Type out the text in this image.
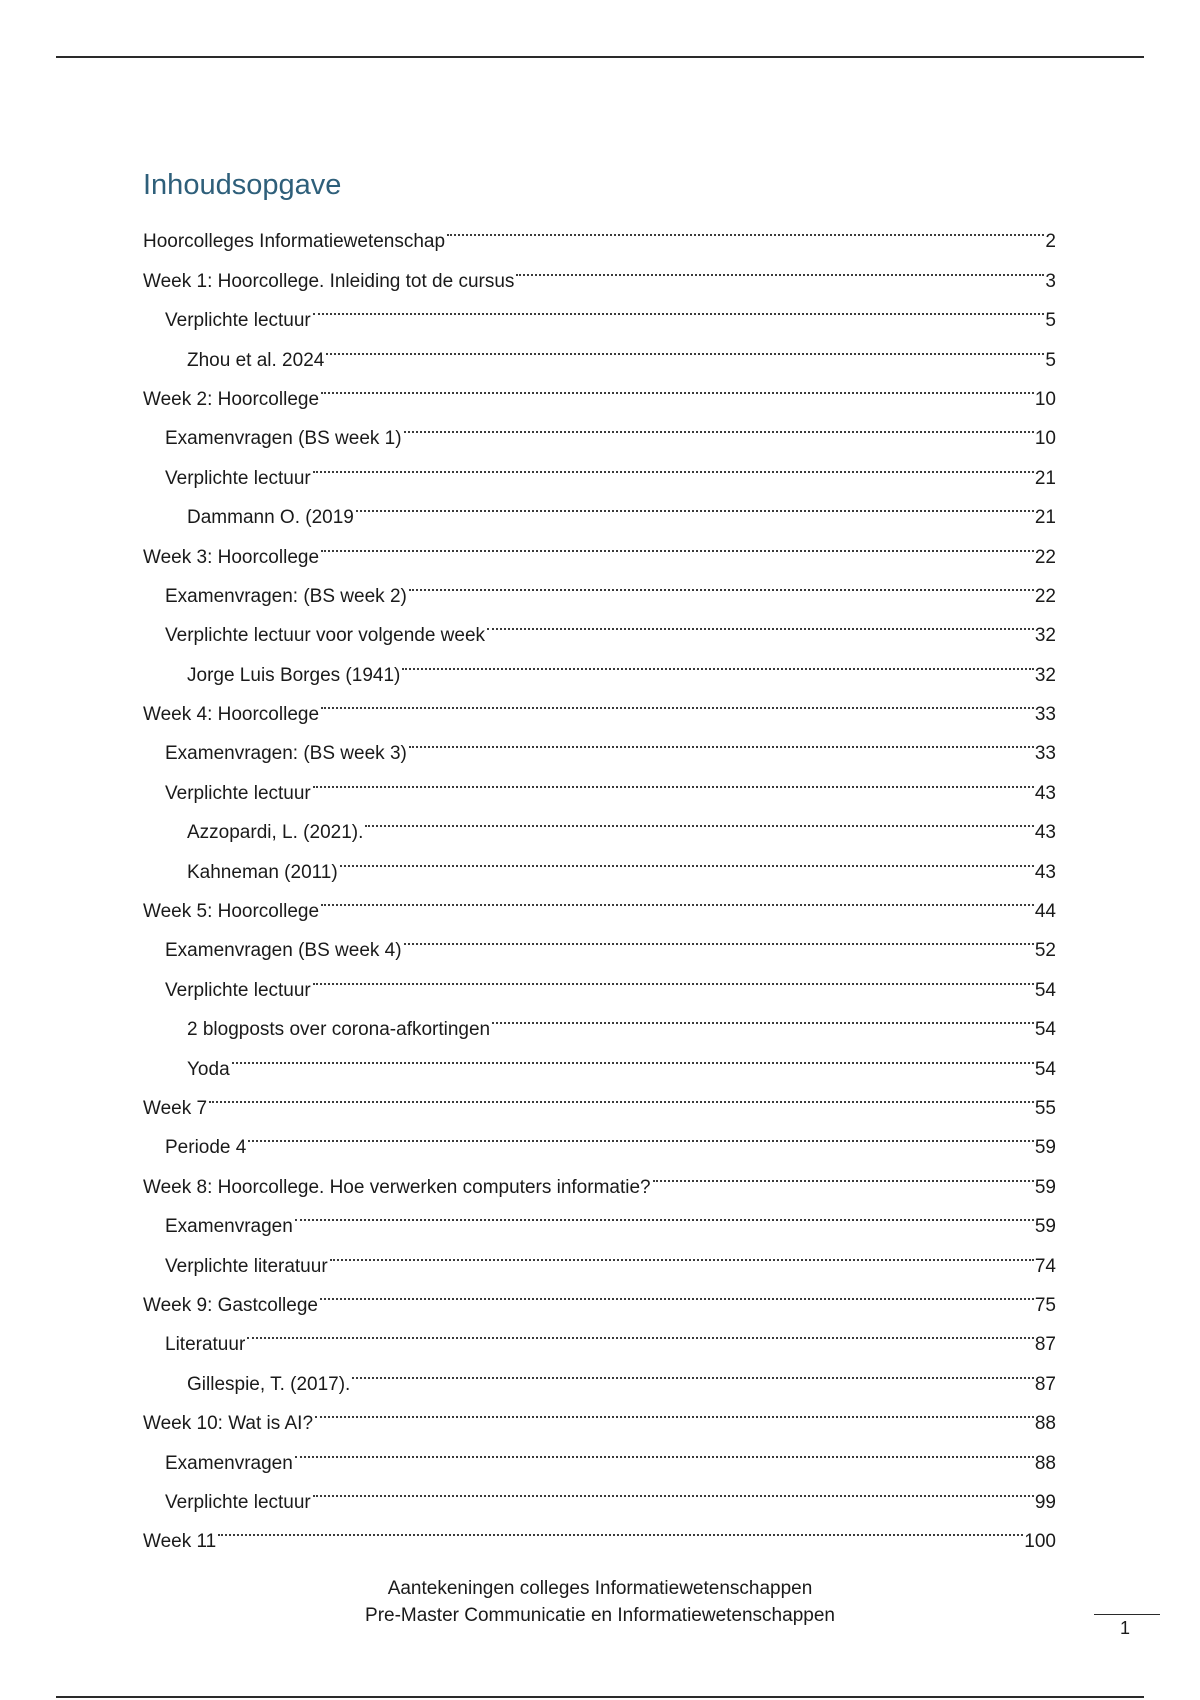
Inhoudsopgave
Hoorcolleges Informatiewetenschap	2
Week 1: Hoorcollege. Inleiding tot de cursus	3
Verplichte lectuur	5
Zhou et al. 2024	5
Week 2: Hoorcollege	10
Examenvragen (BS week 1)	10
Verplichte lectuur	21
Dammann O. (2019	21
Week 3: Hoorcollege	22
Examenvragen: (BS week 2)	22
Verplichte lectuur voor volgende week	32
Jorge Luis Borges (1941)	32
Week 4: Hoorcollege	33
Examenvragen: (BS week 3)	33
Verplichte lectuur	43
Azzopardi, L. (2021).	43
Kahneman (2011)	43
Week 5: Hoorcollege	44
Examenvragen (BS week 4)	52
Verplichte lectuur	54
2 blogposts over corona-afkortingen	54
Yoda	54
Week 7	55
Periode 4	59
Week 8: Hoorcollege. Hoe verwerken computers informatie?	59
Examenvragen	59
Verplichte literatuur	74
Week 9: Gastcollege	75
Literatuur	87
Gillespie, T. (2017).	87
Week 10: Wat is AI?	88
Examenvragen	88
Verplichte lectuur	99
Week 11	100
Aantekeningen colleges Informatiewetenschappen
Pre-Master Communicatie en Informatiewetenschappen
1
